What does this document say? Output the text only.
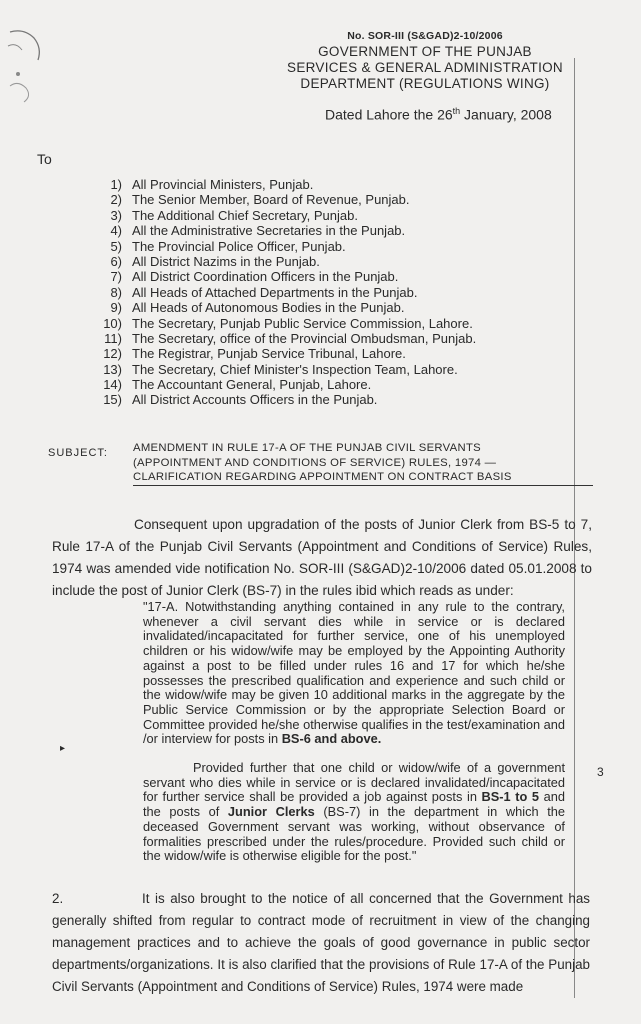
No. SOR-III (S&GAD)2-10/2006
GOVERNMENT OF THE PUNJAB
SERVICES & GENERAL ADMINISTRATION
DEPARTMENT (REGULATIONS WING)
Dated Lahore the 26th January, 2008
To
1) All Provincial Ministers, Punjab.
2) The Senior Member, Board of Revenue, Punjab.
3) The Additional Chief Secretary, Punjab.
4) All the Administrative Secretaries in the Punjab.
5) The Provincial Police Officer, Punjab.
6) All District Nazims in the Punjab.
7) All District Coordination Officers in the Punjab.
8) All Heads of Attached Departments in the Punjab.
9) All Heads of Autonomous Bodies in the Punjab.
10) The Secretary, Punjab Public Service Commission, Lahore.
11) The Secretary, office of the Provincial Ombudsman, Punjab.
12) The Registrar, Punjab Service Tribunal, Lahore.
13) The Secretary, Chief Minister's Inspection Team, Lahore.
14) The Accountant General, Punjab, Lahore.
15) All District Accounts Officers in the Punjab.
SUBJECT: AMENDMENT IN RULE 17-A OF THE PUNJAB CIVIL SERVANTS (APPOINTMENT AND CONDITIONS OF SERVICE) RULES, 1974 — CLARIFICATION REGARDING APPOINTMENT ON CONTRACT BASIS

Consequent upon upgradation of the posts of Junior Clerk from BS-5 to 7, Rule 17-A of the Punjab Civil Servants (Appointment and Conditions of Service) Rules, 1974 was amended vide notification No. SOR-III (S&GAD)2-10/2006 dated 05.01.2008 to include the post of Junior Clerk (BS-7) in the rules ibid which reads as under:

"17-A. Notwithstanding anything contained in any rule to the contrary, whenever a civil servant dies while in service or is declared invalidated/incapacitated for further service, one of his unemployed children or his widow/wife may be employed by the Appointing Authority against a post to be filled under rules 16 and 17 for which he/she possesses the prescribed qualification and experience and such child or the widow/wife may be given 10 additional marks in the aggregate by the Public Service Commission or by the appropriate Selection Board or Committee provided he/she otherwise qualifies in the test/examination and /or interview for posts in BS-6 and above.

Provided further that one child or widow/wife of a government servant who dies while in service or is declared invalidated/incapacitated for further service shall be provided a job against posts in BS-1 to 5 and the posts of Junior Clerks (BS-7) in the department in which the deceased Government servant was working, without observance of formalities prescribed under the rules/procedure. Provided such child or the widow/wife is otherwise eligible for the post."

▸
3

2.	It is also brought to the notice of all concerned that the Government has generally shifted from regular to contract mode of recruitment in view of the changing management practices and to achieve the goals of good governance in public sector departments/organizations. It is also clarified that the provisions of Rule 17-A of the Punjab Civil Servants (Appointment and Conditions of Service) Rules, 1974 were made
